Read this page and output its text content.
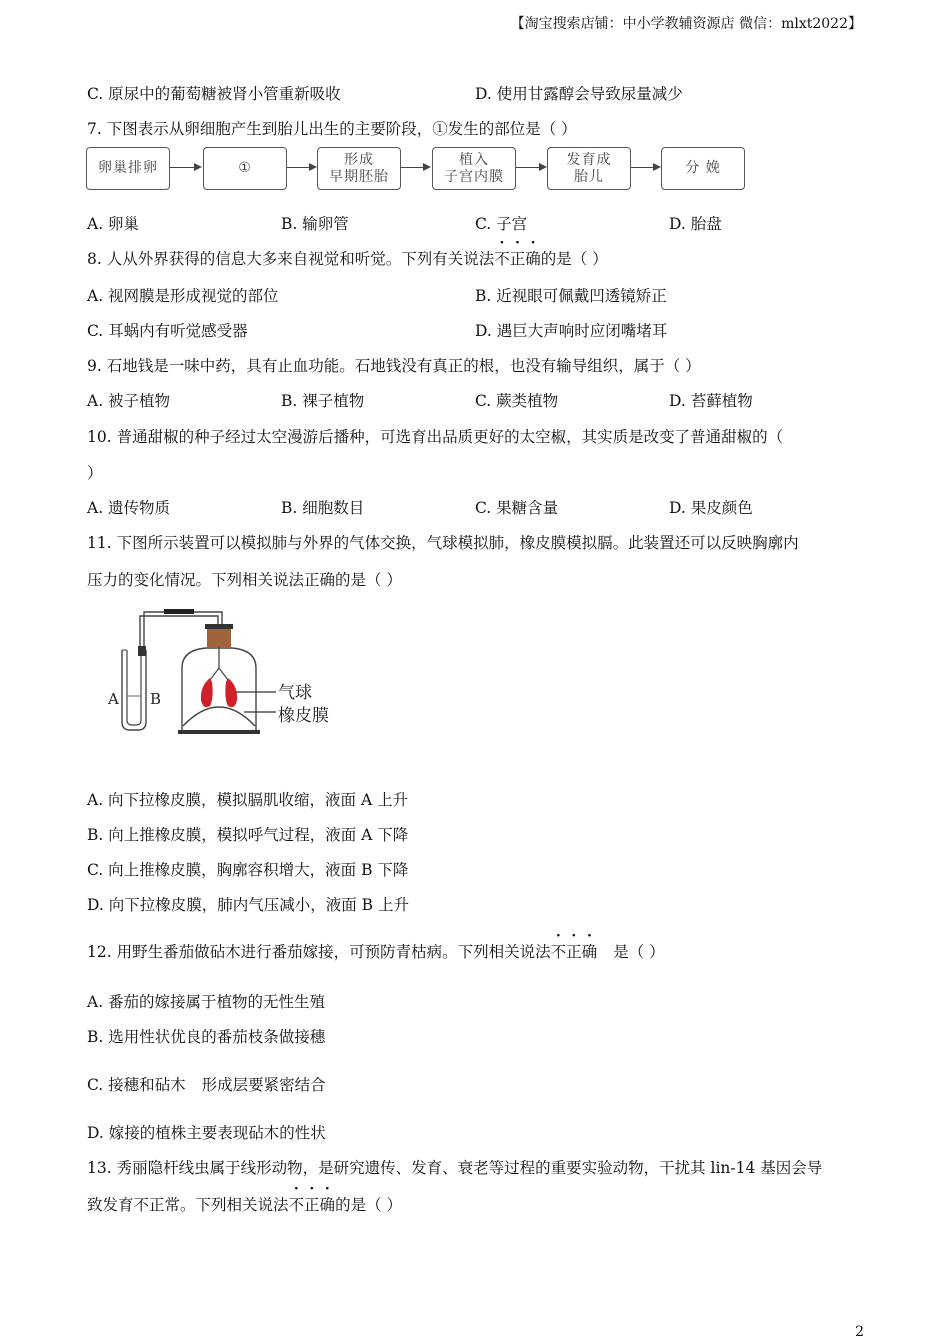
【淘宝搜索店铺：中小学教辅资源店 微信：mlxt2022】
C. 原尿中的葡萄糖被肾小管重新吸收	D. 使用甘露醇会导致尿量减少
7. 下图表示从卵细胞产生到胎儿出生的主要阶段，①发生的部位是（ ）
卵巢排卵	①
形成
早期胚胎
植入
子宫内膜
发育成
胎儿
分 娩
A. 卵巢	B. 输卵管	C. 子宫	D. 胎盘
8. 人从外界获得的信息大多来自视觉和听觉。下列有关说法不正确的是（ ）
A. 视网膜是形成视觉的部位	B. 近视眼可佩戴凹透镜矫正
C. 耳蜗内有听觉感受器	D. 遇巨大声响时应闭嘴堵耳
9. 石地钱是一味中药，具有止血功能。石地钱没有真正的根，也没有输导组织，属于（ ）
A. 被子植物	B. 裸子植物	C. 蕨类植物	D. 苔藓植物
10. 普通甜椒的种子经过太空漫游后播种，可选育出品质更好的太空椒，其实质是改变了普通甜椒的（
）
A. 遗传物质	B. 细胞数目	C. 果糖含量	D. 果皮颜色
11. 下图所示装置可以模拟肺与外界的气体交换，气球模拟肺，橡皮膜模拟膈。此装置还可以反映胸廓内
压力的变化情况。下列相关说法正确的是（ ）
A B	气球
橡皮膜
A. 向下拉橡皮膜，模拟膈肌收缩，液面 A 上升
B. 向上推橡皮膜，模拟呼气过程，液面 A 下降
C. 向上推橡皮膜，胸廓容积增大，液面 B 下降
D. 向下拉橡皮膜，肺内气压减小，液面 B 上升
12. 用野生番茄做砧木进行番茄嫁接，可预防青枯病。下列相关说法不正确 是（ ）
A. 番茄的嫁接属于植物的无性生殖
B. 选用性状优良的番茄枝条做接穗
C. 接穗和砧木 形成层要紧密结合
D. 嫁接的植株主要表现砧木的性状
13. 秀丽隐杆线虫属于线形动物，是研究遗传、发育、衰老等过程的重要实验动物，干扰其 lin-14 基因会导
致发育不正常。下列相关说法不正确的是（ ）
2
